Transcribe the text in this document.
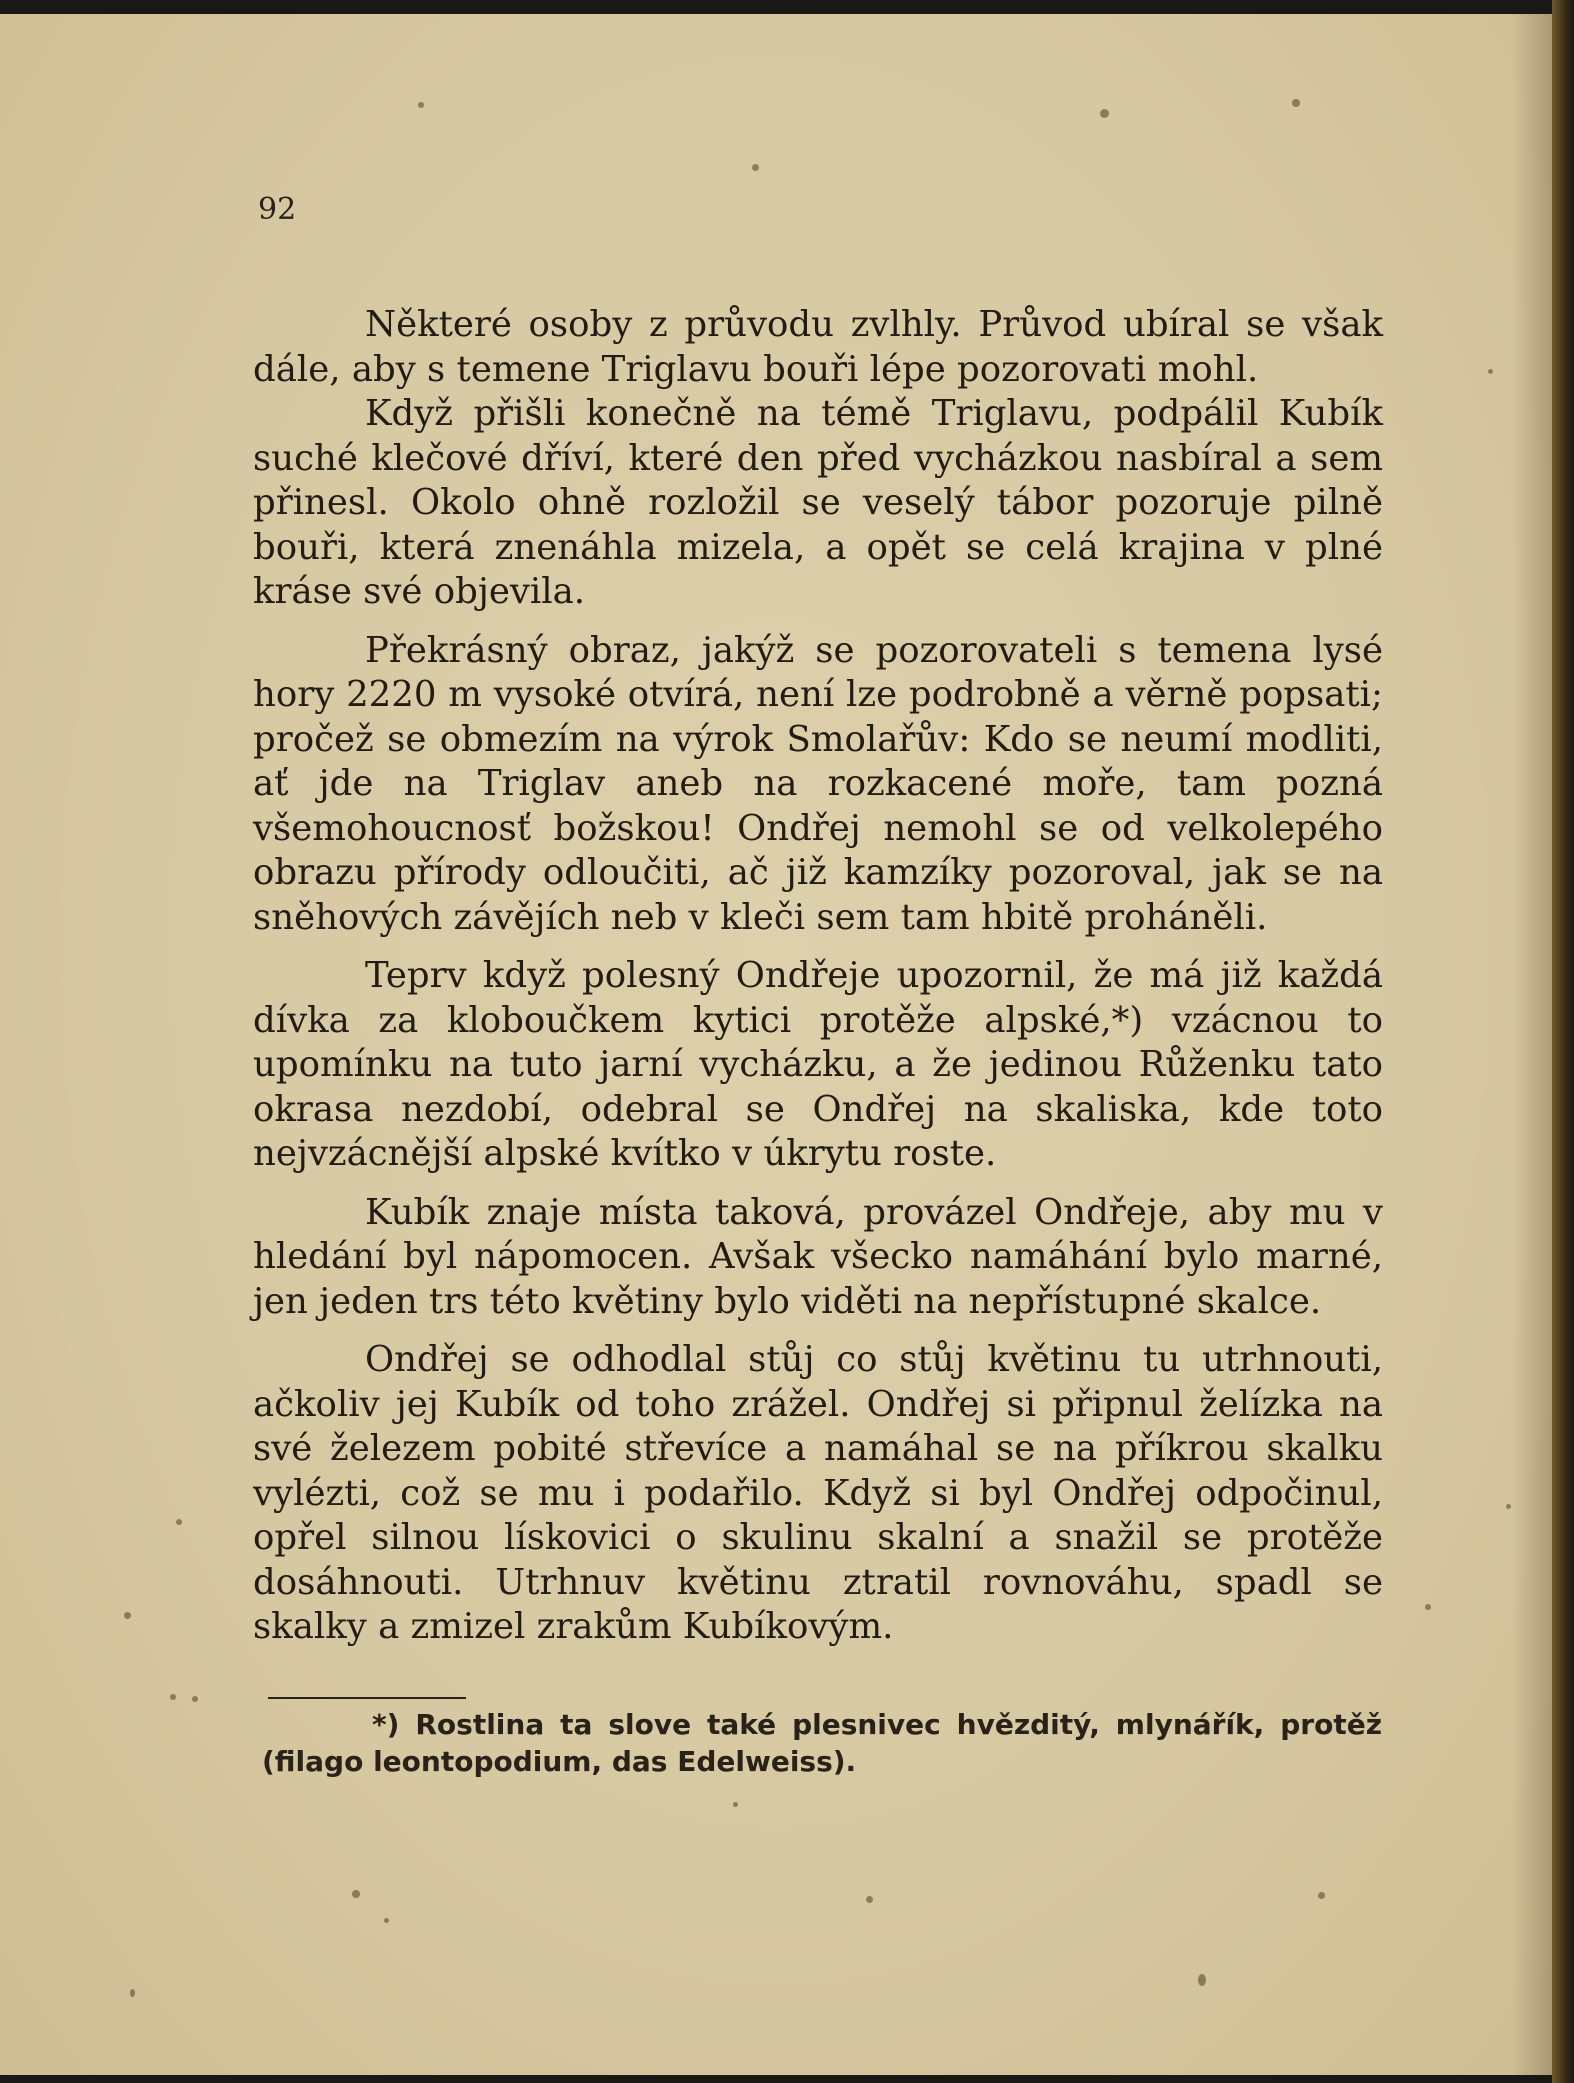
92

Některé osoby z průvodu zvlhly. Průvod ubíral se však dále, aby s temene Triglavu bouři lépe pozorovati mohl.

Když přišli konečně na témě Triglavu, podpálil Kubík suché klečové dříví, které den před vycházkou nasbíral a sem přinesl. Okolo ohně rozložil se veselý tábor pozoruje pilně bouři, která znenáhla mizela, a opět se celá krajina v plné kráse své objevila.

Překrásný obraz, jakýž se pozorovateli s temena lysé hory 2220 m vysoké otvírá, není lze podrobně a věrně popsati; pročež se obmezím na výrok Smolařův: Kdo se neumí modliti, ať jde na Triglav aneb na rozkacené moře, tam pozná všemohoucnosť božskou! Ondřej nemohl se od velkolepého obrazu přírody odloučiti, ač již kamzíky pozoroval, jak se na sněhových závějích neb v kleči sem tam hbitě proháněli.

Teprv když polesný Ondřeje upozornil, že má již každá dívka za kloboučkem kytici protěže alpské,*) vzácnou to upomínku na tuto jarní vycházku, a že jedinou Růženku tato okrasa nezdobí, odebral se Ondřej na skaliska, kde toto nejvzácnější alpské kvítko v úkrytu roste.

Kubík znaje místa taková, provázel Ondřeje, aby mu v hledání byl nápomocen. Avšak všecko namáhání bylo marné, jen jeden trs této květiny bylo viděti na nepřístupné skalce.

Ondřej se odhodlal stůj co stůj květinu tu utrhnouti, ačkoliv jej Kubík od toho zrážel. Ondřej si připnul želízka na své železem pobité střevíce a namáhal se na příkrou skalku vylézti, což se mu i podařilo. Když si byl Ondřej odpočinul, opřel silnou lískovici o skulinu skalní a snažil se protěže dosáhnouti. Utrhnuv květinu ztratil rovnováhu, spadl se skalky a zmizel zrakům Kubíkovým.

*) Rostlina ta slove také plesnivec hvězditý, mlynářík, protěž (filago leontopodium, das Edelweiss).
